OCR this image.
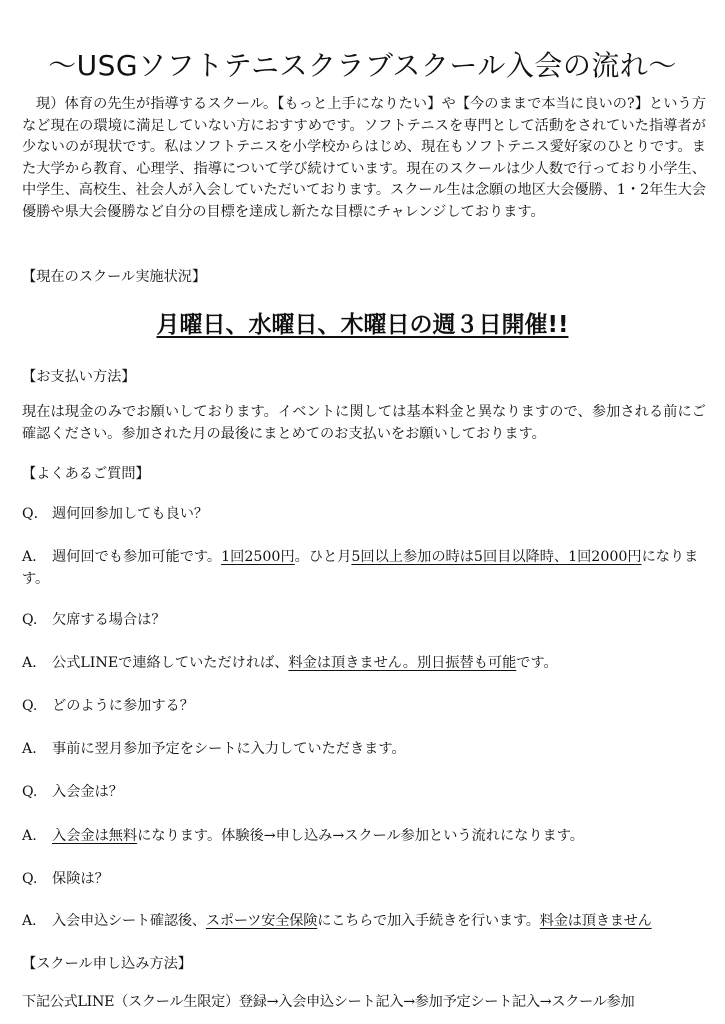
～USGソフトテニスクラブスクール入会の流れ～
現）体育の先生が指導するスクール。【もっと上手になりたい】や【今のままで本当に良いの?】という方など現在の環境に満足していない方におすすめです。ソフトテニスを専門として活動をされていた指導者が少ないのが現状です。私はソフトテニスを小学校からはじめ、現在もソフトテニス愛好家のひとりです。また大学から教育、心理学、指導について学び続けています。現在のスクールは少人数で行っており小学生、中学生、高校生、社会人が入会していただいております。スクール生は念願の地区大会優勝、1・2年生大会優勝や県大会優勝など自分の目標を達成し新たな目標にチャレンジしております。
【現在のスクール実施状況】
月曜日、水曜日、木曜日の週３日開催!!
【お支払い方法】
現在は現金のみでお願いしております。イベントに関しては基本料金と異なりますので、参加される前にご確認ください。参加された月の最後にまとめてのお支払いをお願いしております。
【よくあるご質問】
Q． 週何回参加しても良い？
A． 週何回でも参加可能です。1回2500円。ひと月5回以上参加の時は5回目以降時、1回2000円になります。
Q. 欠席する場合は？
A． 公式LINEで連絡していただければ、料金は頂きません。別日振替も可能です。
Q. どのように参加する？
A. 事前に翌月参加予定をシートに入力していただきます。
Q. 入会金は？
A. 入会金は無料になります。体験後→申し込み→スクール参加という流れになります。
Q. 保険は？
A. 入会申込シート確認後、スポーツ安全保険にこちらで加入手続きを行います。料金は頂きません
【スクール申し込み方法】
下記公式LINE（スクール生限定）登録→入会申込シート記入→参加予定シート記入→スクール参加
